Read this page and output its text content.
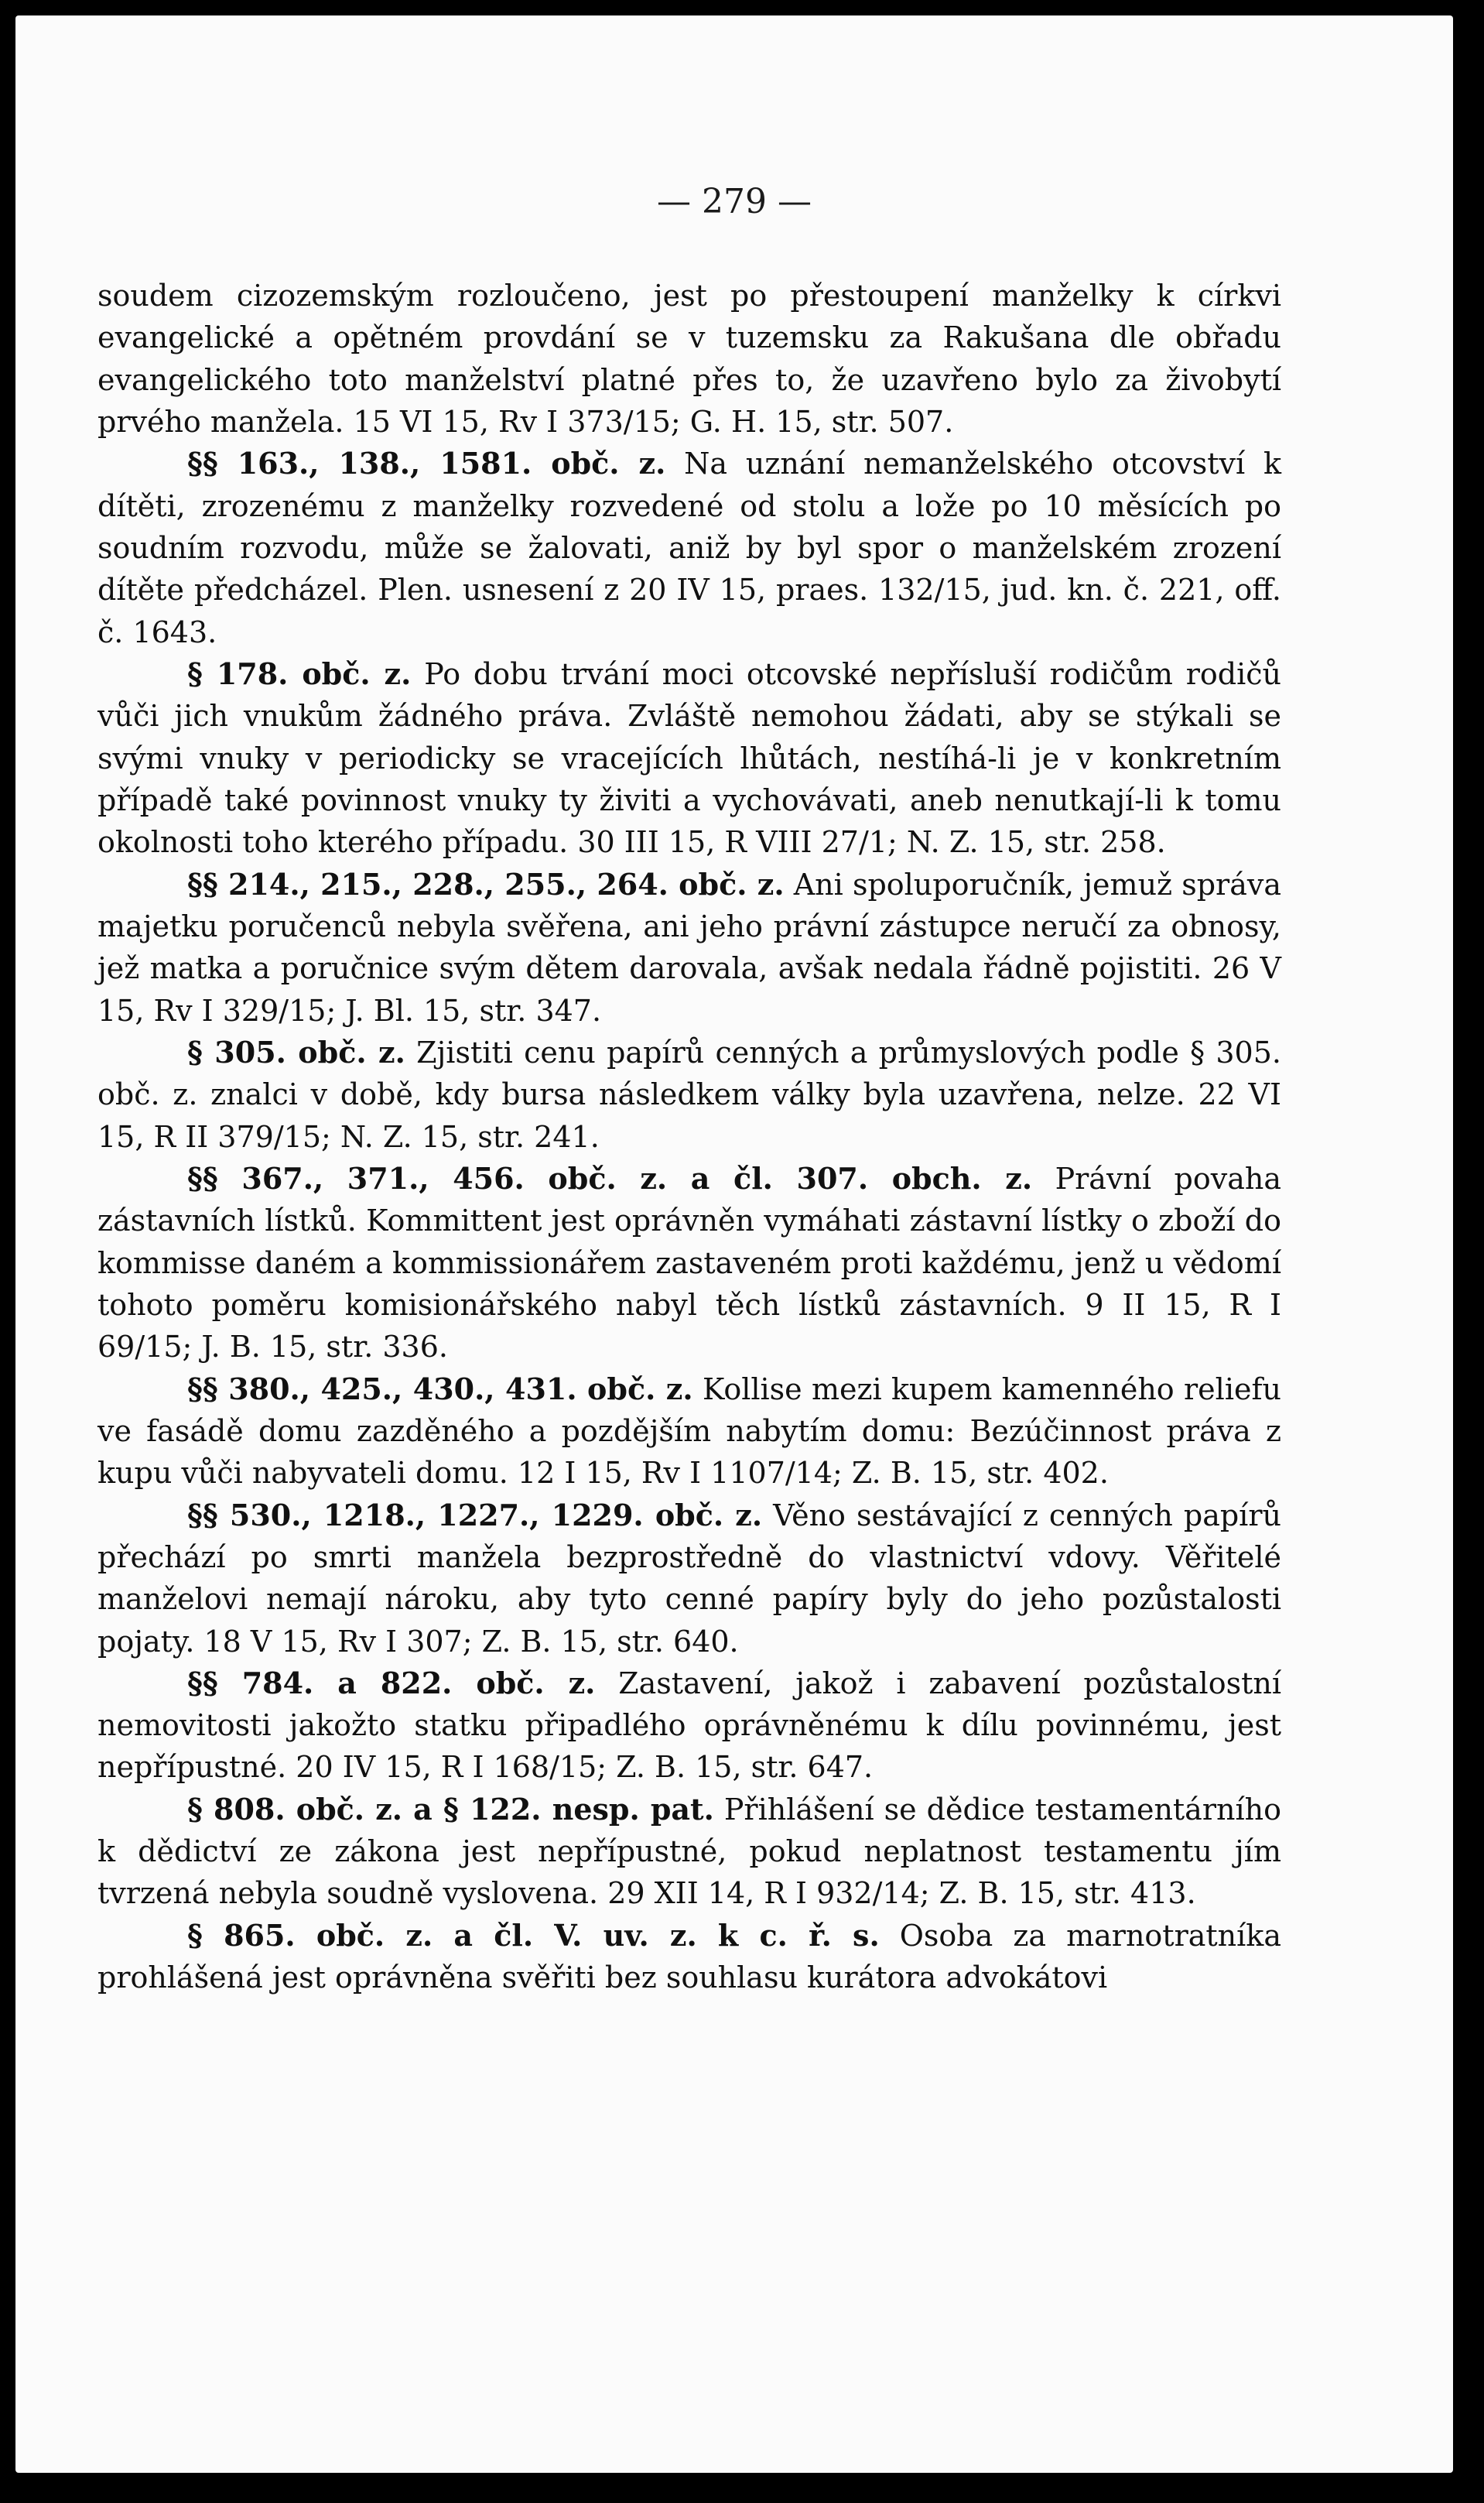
— 279 —

soudem cizozemským rozloučeno, jest po přestoupení manželky k církvi evangelické a opětném provdání se v tuzemsku za Rakušana dle obřadu evangelického toto manželství platné přes to, že uzavřeno bylo za živobytí prvého manžela. 15 VI 15, Rv I 373/15; G. H. 15, str. 507.

§§ 163., 138., 1581. obč. z. Na uznání nemanželského otcovství k dítěti, zrozenému z manželky rozvedené od stolu a lože po 10 měsících po soudním rozvodu, může se žalovati, aniž by byl spor o manželském zrození dítěte předcházel. Plen. usnesení z 20 IV 15, praes. 132/15, jud. kn. č. 221, off. č. 1643.

§ 178. obč. z. Po dobu trvání moci otcovské nepřísluší rodičům rodičů vůči jich vnukům žádného práva. Zvláště nemohou žádati, aby se stýkali se svými vnuky v periodicky se vracejících lhůtách, nestíhá-li je v konkretním případě také povinnost vnuky ty živiti a vychovávati, aneb nenutkají-li k tomu okolnosti toho kterého případu. 30 III 15, R VIII 27/1; N. Z. 15, str. 258.

§§ 214., 215., 228., 255., 264. obč. z. Ani spoluporučník, jemuž správa majetku poručenců nebyla svěřena, ani jeho právní zástupce neručí za obnosy, jež matka a poručnice svým dětem darovala, avšak nedala řádně pojistiti. 26 V 15, Rv I 329/15; J. Bl. 15, str. 347.

§ 305. obč. z. Zjistiti cenu papírů cenných a průmyslových podle § 305. obč. z. znalci v době, kdy bursa následkem války byla uzavřena, nelze. 22 VI 15, R II 379/15; N. Z. 15, str. 241.

§§ 367., 371., 456. obč. z. a čl. 307. obch. z. Právní povaha zástavních lístků. Kommittent jest oprávněn vymáhati zástavní lístky o zboží do kommisse daném a kommissionářem zastaveném proti každému, jenž u vědomí tohoto poměru komisionářského nabyl těch lístků zástavních. 9 II 15, R I 69/15; J. B. 15, str. 336.

§§ 380., 425., 430., 431. obč. z. Kollise mezi kupem kamenného reliefu ve fasádě domu zazděného a pozdějším nabytím domu: Bezúčinnost práva z kupu vůči nabyvateli domu. 12 I 15, Rv I 1107/14; Z. B. 15, str. 402.

§§ 530., 1218., 1227., 1229. obč. z. Věno sestávající z cenných papírů přechází po smrti manžela bezprostředně do vlastnictví vdovy. Věřitelé manželovi nemají nároku, aby tyto cenné papíry byly do jeho pozůstalosti pojaty. 18 V 15, Rv I 307; Z. B. 15, str. 640.

§§ 784. a 822. obč. z. Zastavení, jakož i zabavení pozůstalostní nemovitosti jakožto statku připadlého oprávněnému k dílu povinnému, jest nepřípustné. 20 IV 15, R I 168/15; Z. B. 15, str. 647.

§ 808. obč. z. a § 122. nesp. pat. Přihlášení se dědice testamentárního k dědictví ze zákona jest nepřípustné, pokud neplatnost testamentu jím tvrzená nebyla soudně vyslovena. 29 XII 14, R I 932/14; Z. B. 15, str. 413.

§ 865. obč. z. a čl. V. uv. z. k c. ř. s. Osoba za marnotratníka prohlášená jest oprávněna svěřiti bez souhlasu kurátora advokátovi
